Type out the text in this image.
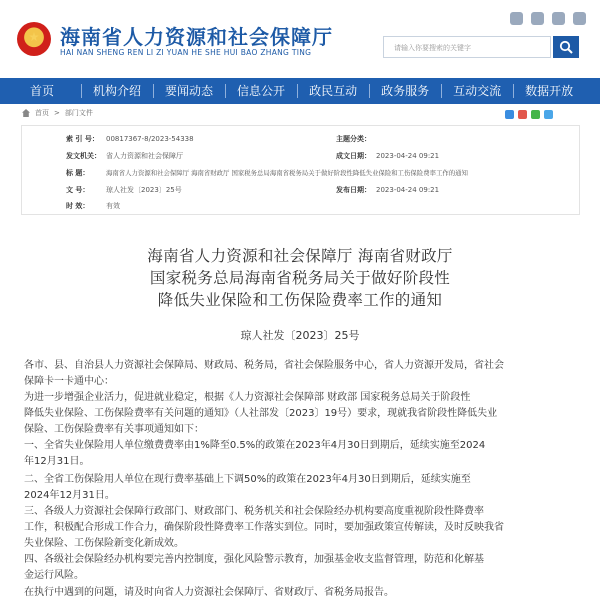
海南省人力资源和社会保障厅
HAI NAN SHENG REN LI ZI YUAN HE SHE HUI BAO ZHANG TING	请输入你要搜索的关键字
首页	机构介绍 要闻动态 信息公开 政民互动 政务服务 互动交流 数据开放
首页 > 部门文件
索 引 号： 00817367-8/2023-54338	主题分类：
发文机关： 省人力资源和社会保障厅	成文日期： 2023-04-24 09:21
标 题：	海南省人力资源和社会保障厅 海南省财政厅 国家税务总局海南省税务局关于做好阶段性降低失业保险和工伤保险费率工作的通知
文 号： 琼人社发〔2023〕25号	发布日期： 2023-04-24 09:21
时 效： 有效
海南省人力资源和社会保障厅 海南省财政厅
国家税务总局海南省税务局关于做好阶段性
降低失业保险和工伤保险费率工作的通知
琼人社发〔2023〕25号
各市、县、自治县人力资源社会保障局、财政局、税务局，省社会保险服务中心，省人力资源开发局，省社会
保障卡一卡通中心：
为进一步增强企业活力，促进就业稳定，根据《人力资源社会保障部 财政部 国家税务总局关于阶段性
降低失业保险、工伤保险费率有关问题的通知》（人社部发〔2023〕19号）要求，现就我省阶段性降低失业
保险、工伤保险费率有关事项通知如下：
一、全省失业保险用人单位缴费费率由1%降至0.5%的政策在2023年4月30日到期后，延续实施至2024
年12月31日。
二、全省工伤保险用人单位在现行费率基础上下调50%的政策在2023年4月30日到期后，延续实施至
2024年12月31日。
三、各级人力资源社会保障行政部门、财政部门、税务机关和社会保险经办机构要高度重视阶段性降费率
工作，积极配合形成工作合力，确保阶段性降费率工作落实到位。同时，要加强政策宣传解读，及时反映我省
失业保险、工伤保险新变化新成效。
四、各级社会保险经办机构要完善内控制度，强化风险警示教育，加强基金收支监督管理，防范和化解基
金运行风险。
在执行中遇到的问题，请及时向省人力资源社会保障厅、省财政厅、省税务局报告。
